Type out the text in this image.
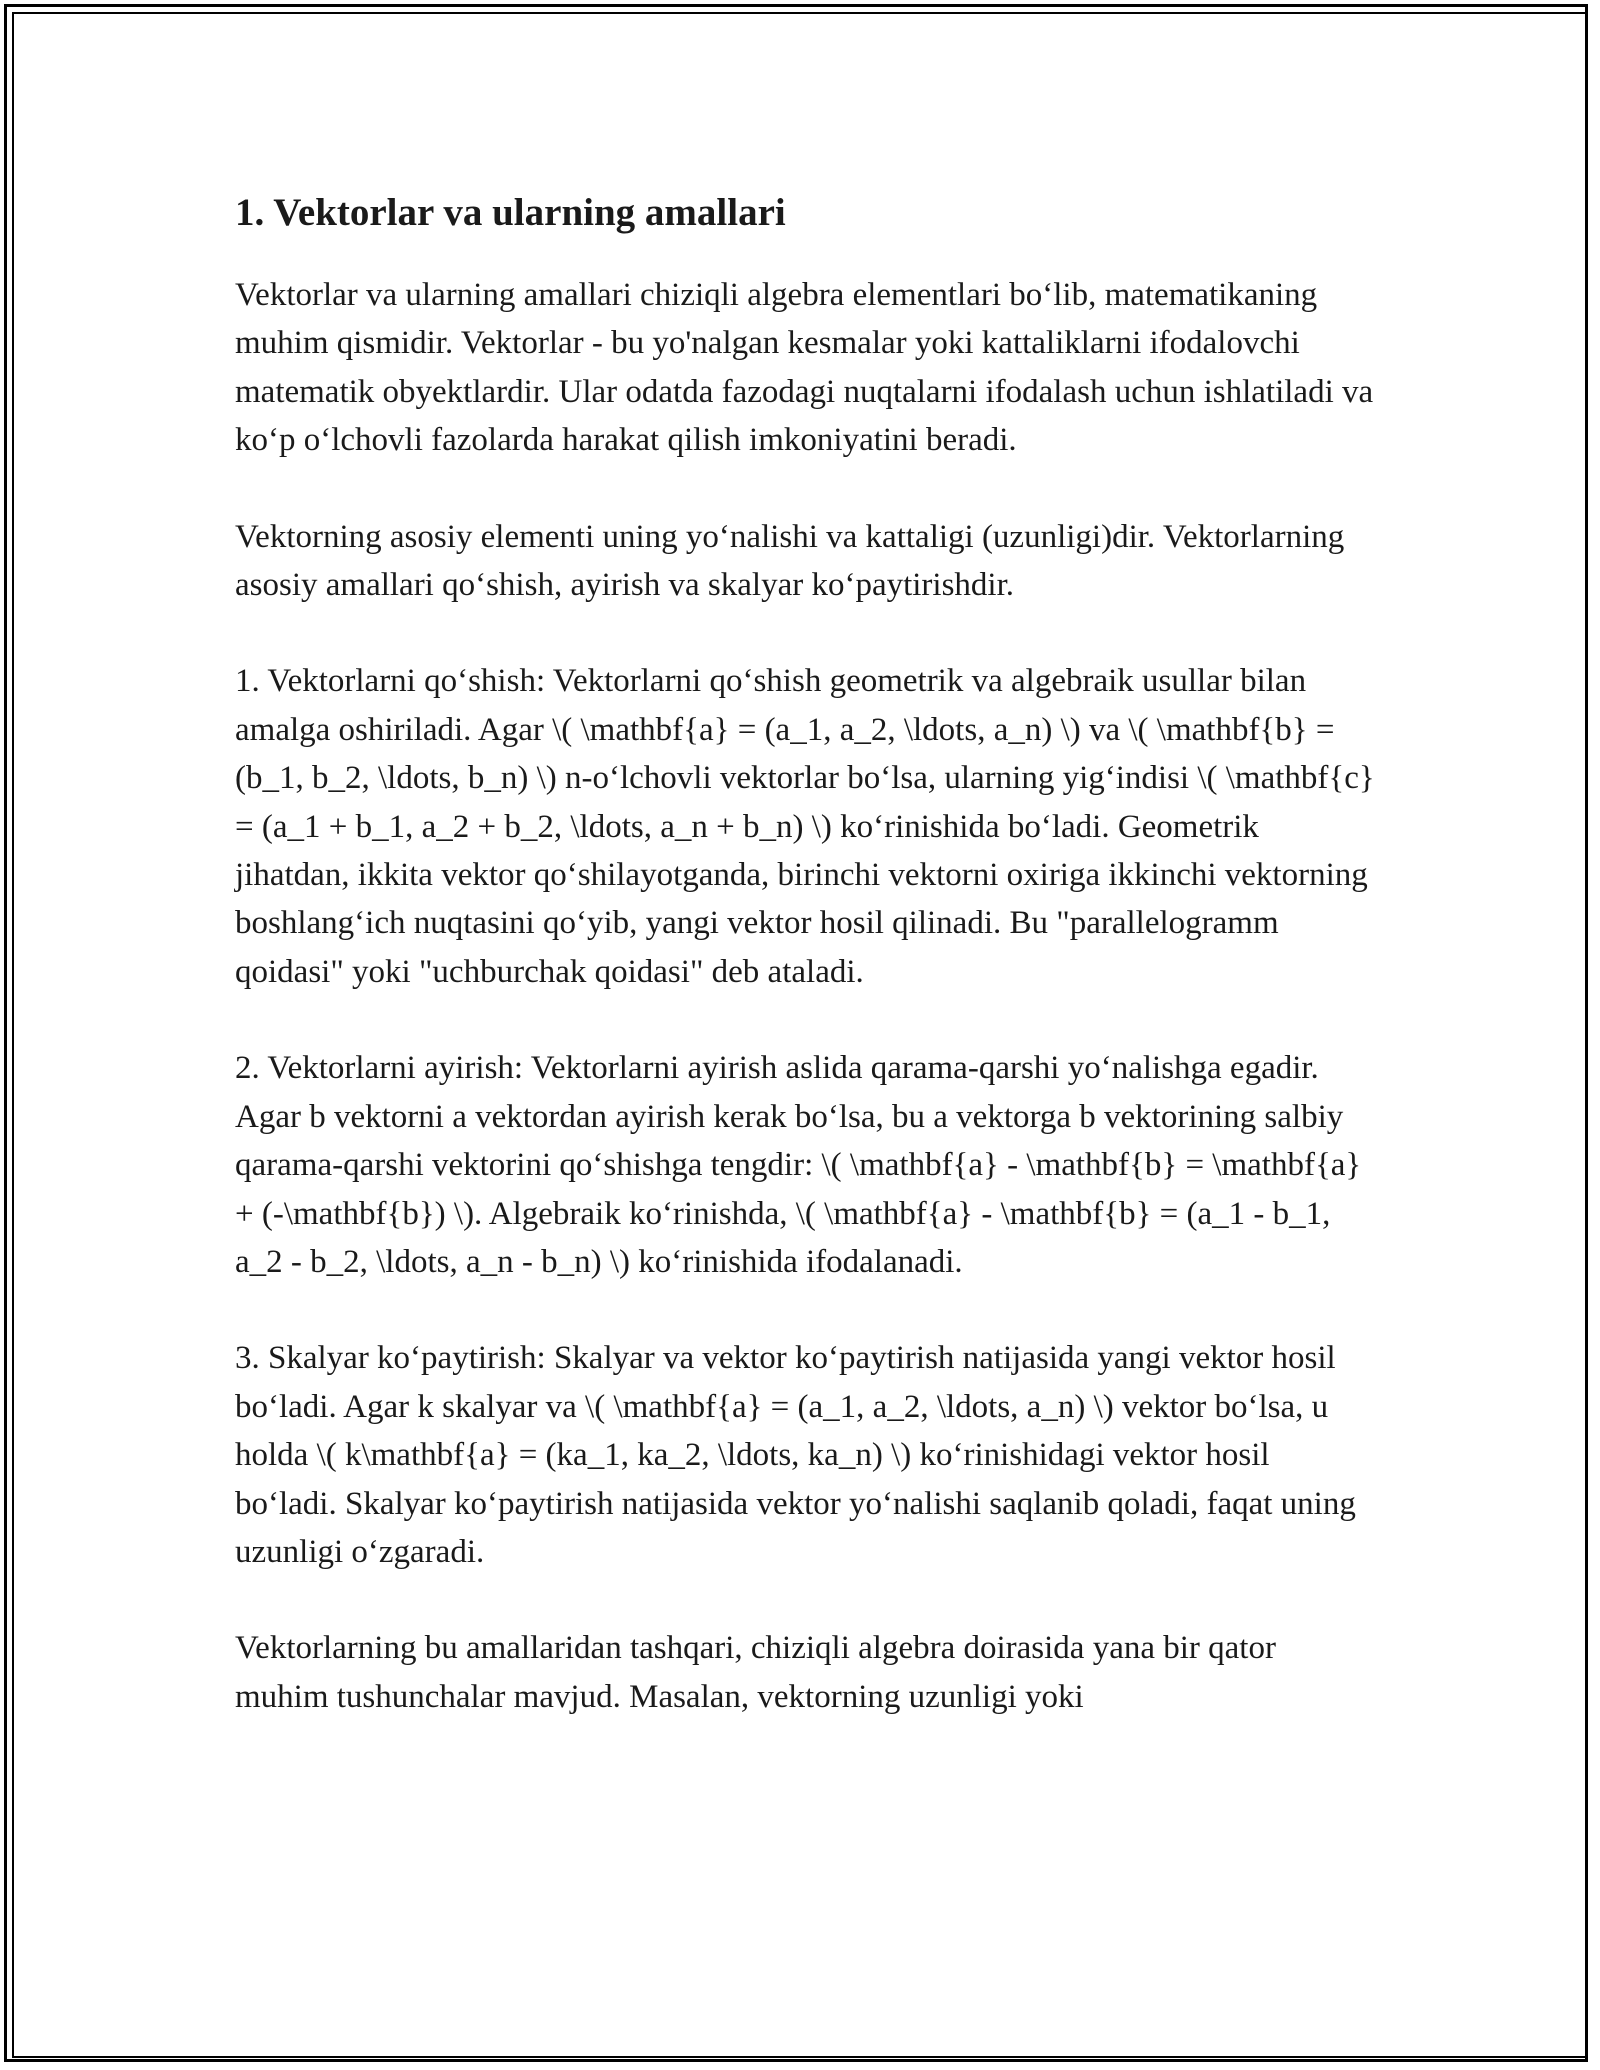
1. Vektorlar va ularning amallari

Vektorlar va ularning amallari chiziqli algebra elementlari bo‘lib, matematikaning muhim qismidir. Vektorlar - bu yo'nalgan kesmalar yoki kattaliklarni ifodalovchi matematik obyektlardir. Ular odatda fazodagi nuqtalarni ifodalash uchun ishlatiladi va ko‘p o‘lchovli fazolarda harakat qilish imkoniyatini beradi.

Vektorning asosiy elementi uning yo‘nalishi va kattaligi (uzunligi)dir. Vektorlarning asosiy amallari qo‘shish, ayirish va skalyar ko‘paytirishdir.

1. Vektorlarni qo‘shish: Vektorlarni qo‘shish geometrik va algebraik usullar bilan amalga oshiriladi. Agar \( \mathbf{a} = (a_1, a_2, \ldots, a_n) \) va \( \mathbf{b} = (b_1, b_2, \ldots, b_n) \) n-o‘lchovli vektorlar bo‘lsa, ularning yig‘indisi \( \mathbf{c} = (a_1 + b_1, a_2 + b_2, \ldots, a_n + b_n) \) ko‘rinishida bo‘ladi. Geometrik jihatdan, ikkita vektor qo‘shilayotganda, birinchi vektorni oxiriga ikkinchi vektorning boshlang‘ich nuqtasini qo‘yib, yangi vektor hosil qilinadi. Bu "parallelogramm qoidasi" yoki "uchburchak qoidasi" deb ataladi.

2. Vektorlarni ayirish: Vektorlarni ayirish aslida qarama-qarshi yo‘nalishga egadir. Agar b vektorni a vektordan ayirish kerak bo‘lsa, bu a vektorga b vektorining salbiy qarama-qarshi vektorini qo‘shishga tengdir: \( \mathbf{a} - \mathbf{b} = \mathbf{a} + (-\mathbf{b}) \). Algebraik ko‘rinishda, \( \mathbf{a} - \mathbf{b} = (a_1 - b_1, a_2 - b_2, \ldots, a_n - b_n) \) ko‘rinishida ifodalanadi.

3. Skalyar ko‘paytirish: Skalyar va vektor ko‘paytirish natijasida yangi vektor hosil bo‘ladi. Agar k skalyar va \( \mathbf{a} = (a_1, a_2, \ldots, a_n) \) vektor bo‘lsa, u holda \( k\mathbf{a} = (ka_1, ka_2, \ldots, ka_n) \) ko‘rinishidagi vektor hosil bo‘ladi. Skalyar ko‘paytirish natijasida vektor yo‘nalishi saqlanib qoladi, faqat uning uzunligi o‘zgaradi.

Vektorlarning bu amallaridan tashqari, chiziqli algebra doirasida yana bir qator muhim tushunchalar mavjud. Masalan, vektorning uzunligi yoki
